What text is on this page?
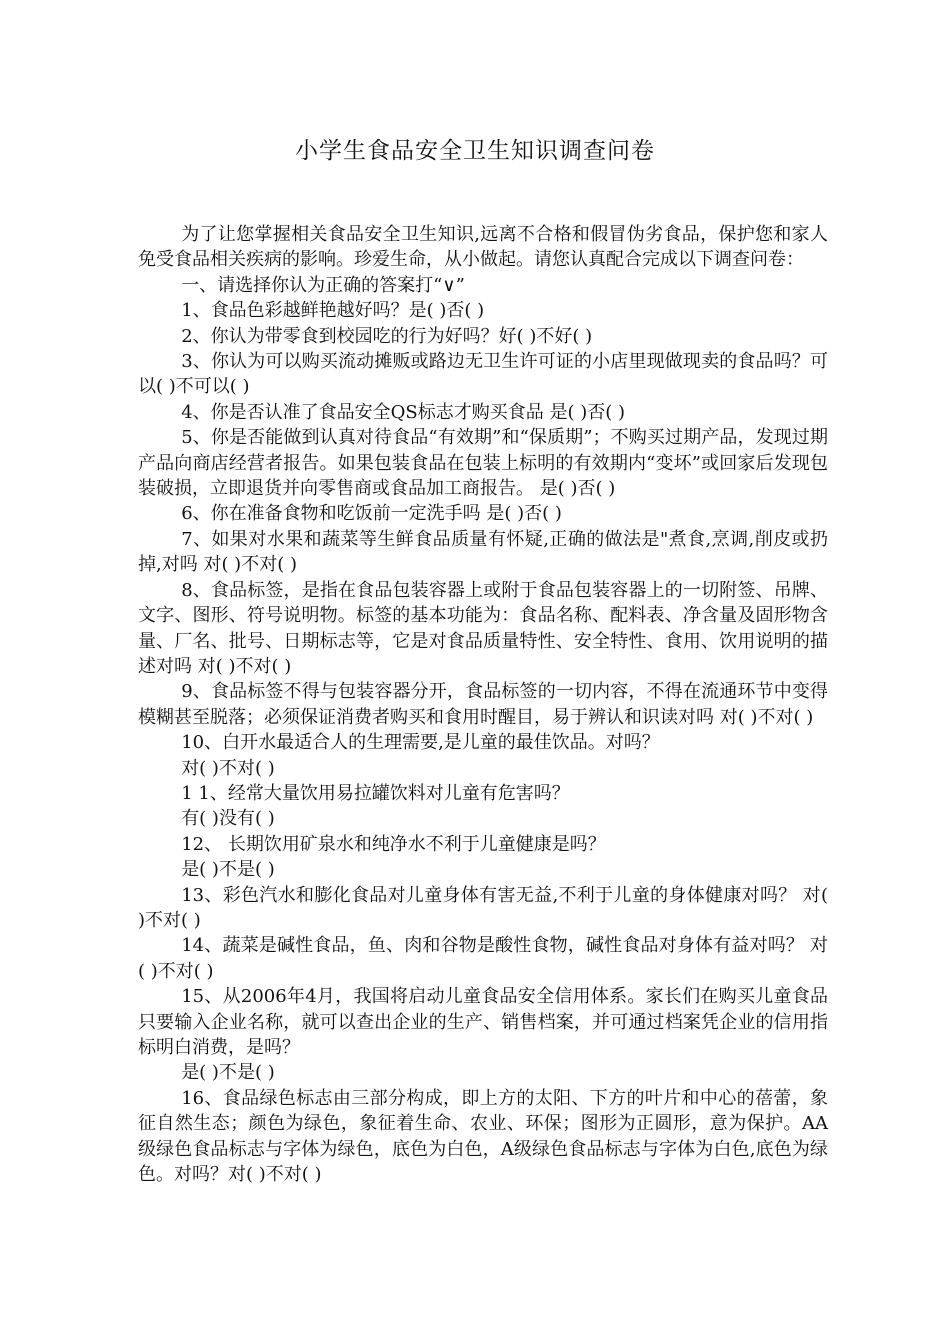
小学生食品安全卫生知识调查问卷

为了让您掌握相关食品安全卫生知识,远离不合格和假冒伪劣食品，保护您和家人免受食品相关疾病的影响。珍爱生命，从小做起。请您认真配合完成以下调查问卷：

一、请选择你认为正确的答案打“∨”

1、食品色彩越鲜艳越好吗？是( )否( )

2、你认为带零食到校园吃的行为好吗？好( )不好( )

3、你认为可以购买流动摊贩或路边无卫生许可证的小店里现做现卖的食品吗？可以( )不可以( )

4、你是否认准了食品安全QS标志才购买食品 是( )否( )

5、你是否能做到认真对待食品“有效期”和“保质期”；不购买过期产品，发现过期产品向商店经营者报告。如果包装食品在包装上标明的有效期内“变坏”或回家后发现包装破损，立即退货并向零售商或食品加工商报告。 是( )否( )

6、你在准备食物和吃饭前一定洗手吗 是( )否( )

7、如果对水果和蔬菜等生鲜食品质量有怀疑,正确的做法是"煮食,烹调,削皮或扔掉,对吗 对( )不对( )

8、食品标签，是指在食品包装容器上或附于食品包装容器上的一切附签、吊牌、文字、图形、符号说明物。标签的基本功能为：食品名称、配料表、净含量及固形物含量、厂名、批号、日期标志等，它是对食品质量特性、安全特性、食用、饮用说明的描述对吗 对( )不对( )

9、食品标签不得与包装容器分开，食品标签的一切内容，不得在流通环节中变得模糊甚至脱落；必须保证消费者购买和食用时醒目，易于辨认和识读对吗 对( )不对( )

10、白开水最适合人的生理需要,是儿童的最佳饮品。对吗？

对( )不对( )

1 1、经常大量饮用易拉罐饮料对儿童有危害吗？

有( )没有( )

12、 长期饮用矿泉水和纯净水不利于儿童健康是吗？

是( )不是( )

13、彩色汽水和膨化食品对儿童身体有害无益,不利于儿童的身体健康对吗？ 对( )不对( )

14、蔬菜是碱性食品，鱼、肉和谷物是酸性食物，碱性食品对身体有益对吗？ 对( )不对( )

15、从2006年4月，我国将启动儿童食品安全信用体系。家长们在购买儿童食品只要输入企业名称，就可以查出企业的生产、销售档案，并可通过档案凭企业的信用指标明白消费，是吗？

是( )不是( )

16、食品绿色标志由三部分构成，即上方的太阳、下方的叶片和中心的蓓蕾，象征自然生态；颜色为绿色，象征着生命、农业、环保；图形为正圆形，意为保护。AA级绿色食品标志与字体为绿色，底色为白色，A级绿色食品标志与字体为白色,底色为绿色。对吗？对( )不对( )
